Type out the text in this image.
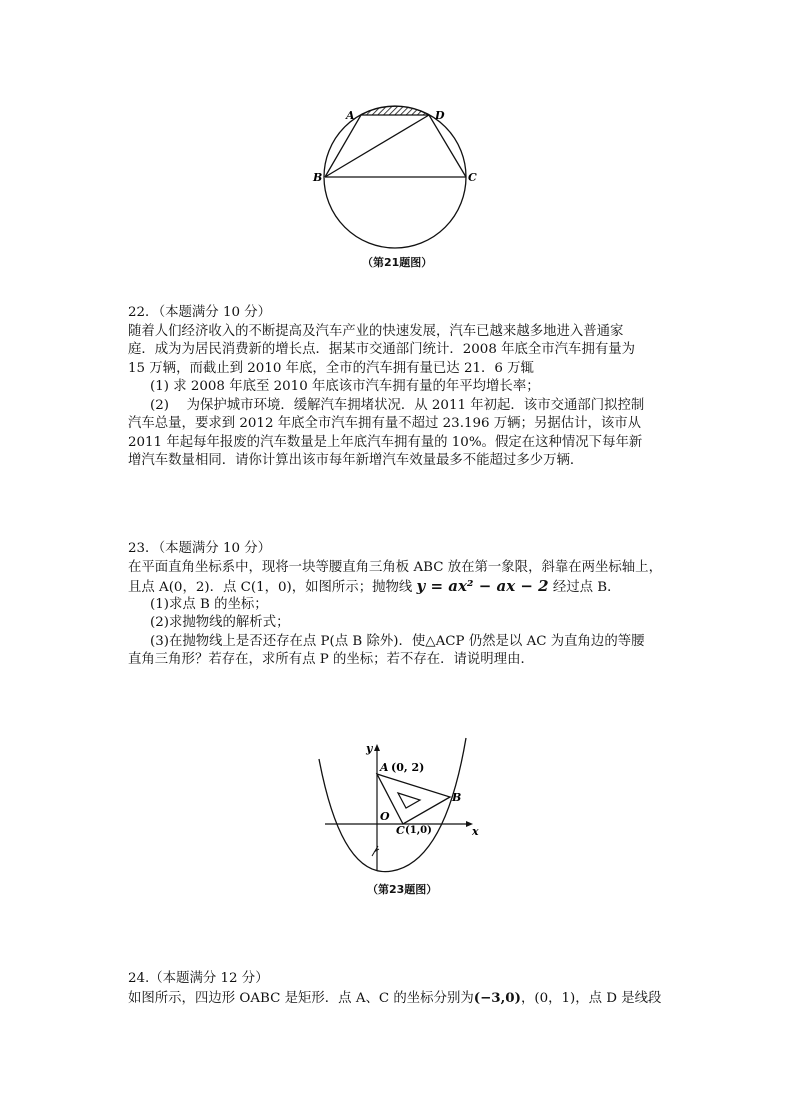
A	D
B	C
（第21题图）
22．（本题满分 10 分）
随着人们经济收入的不断提高及汽车产业的快速发展，汽车已越来越多地进入普通家
庭．成为为居民消费新的增长点．据某市交通部门统计．2008 年底全市汽车拥有量为
15 万辆，而截止到 2010 年底，全市的汽车拥有量已达 21．6 万辄
(1) 求 2008 年底至 2010 年底该市汽车拥有量的年平均增长率；
(2)　 为保护城市环境．缓解汽车拥堵状况．从 2011 年初起．该市交通部门拟控制
汽车总量，要求到 2012 年底全市汽车拥有量不超过 23.196 万辆；另据估计，该市从
2011 年起每年报废的汽车数量是上年底汽车拥有量的 10%。假定在这种情况下每年新
增汽车数量相同．请你计算出该市每年新增汽车效量最多不能超过多少万辆．
23．（本题满分 10 分）
在平面直角坐标系中，现将一块等腰直角三角板 ABC 放在第一象限，斜靠在两坐标轴上，
且点 A(0，2)．点 C(1，0)，如图所示；抛物线 y = ax² − ax − 2 经过点 B．
(1)求点 B 的坐标；
(2)求抛物线的解析式；
(3)在抛物线上是否还存在点 P(点 B 除外)．使△ACP 仍然是以 AC 为直角边的等腰
直角三角形？若存在，求所有点 P 的坐标；若不存在．请说明理由．
y
x
A (0, 2)
B
O
C (1,0)
（第23题图）
24.（本题满分 12 分）
如图所示，四边形 OABC 是矩形．点 A、C 的坐标分别为(−3,0)，(0，1)，点 D 是线段
